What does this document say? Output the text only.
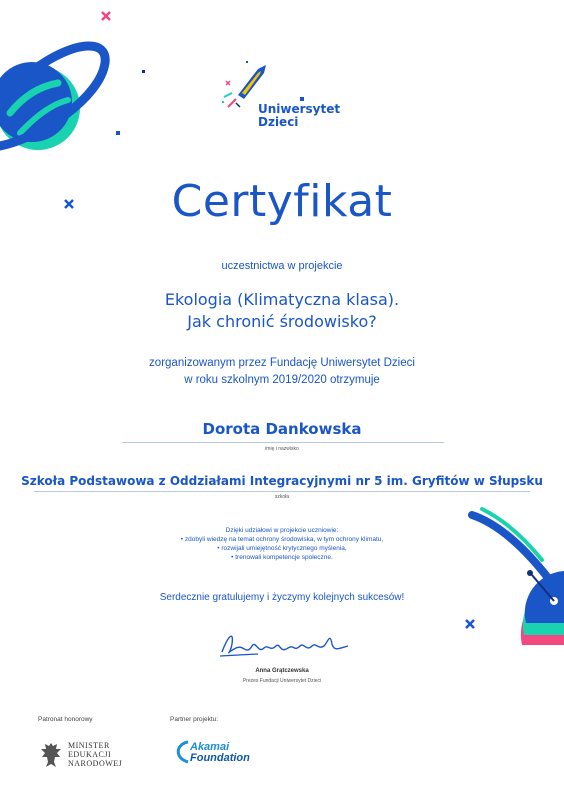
Uniwersytet
Dzieci
Certyfikat
uczestnictwa w projekcie
Ekologia (Klimatyczna klasa).
Jak chronić środowisko?
zorganizowanym przez Fundację Uniwersytet Dzieci
w roku szkolnym 2019/2020 otrzymuje
Dorota Dankowska
imię i nazwisko
Szkoła Podstawowa z Oddziałami Integracyjnymi nr 5 im. Gryfitów w Słupsku
szkoła
Dzięki udziałowi w projekcie uczniowie:
• zdobyli wiedzę na temat ochrony środowiska, w tym ochrony klimatu,
• rozwijali umiejętność krytycznego myślenia,
• trenowali kompetencje społeczne.
Serdecznie gratulujemy i życzymy kolejnych sukcesów!
Anna Grątczewska
Prezes Fundacji Uniwersytet Dzieci
Patronat honorowy
MINISTER
EDUKACJI
NARODOWEJ
Partner projektu:
Akamai
Foundation
